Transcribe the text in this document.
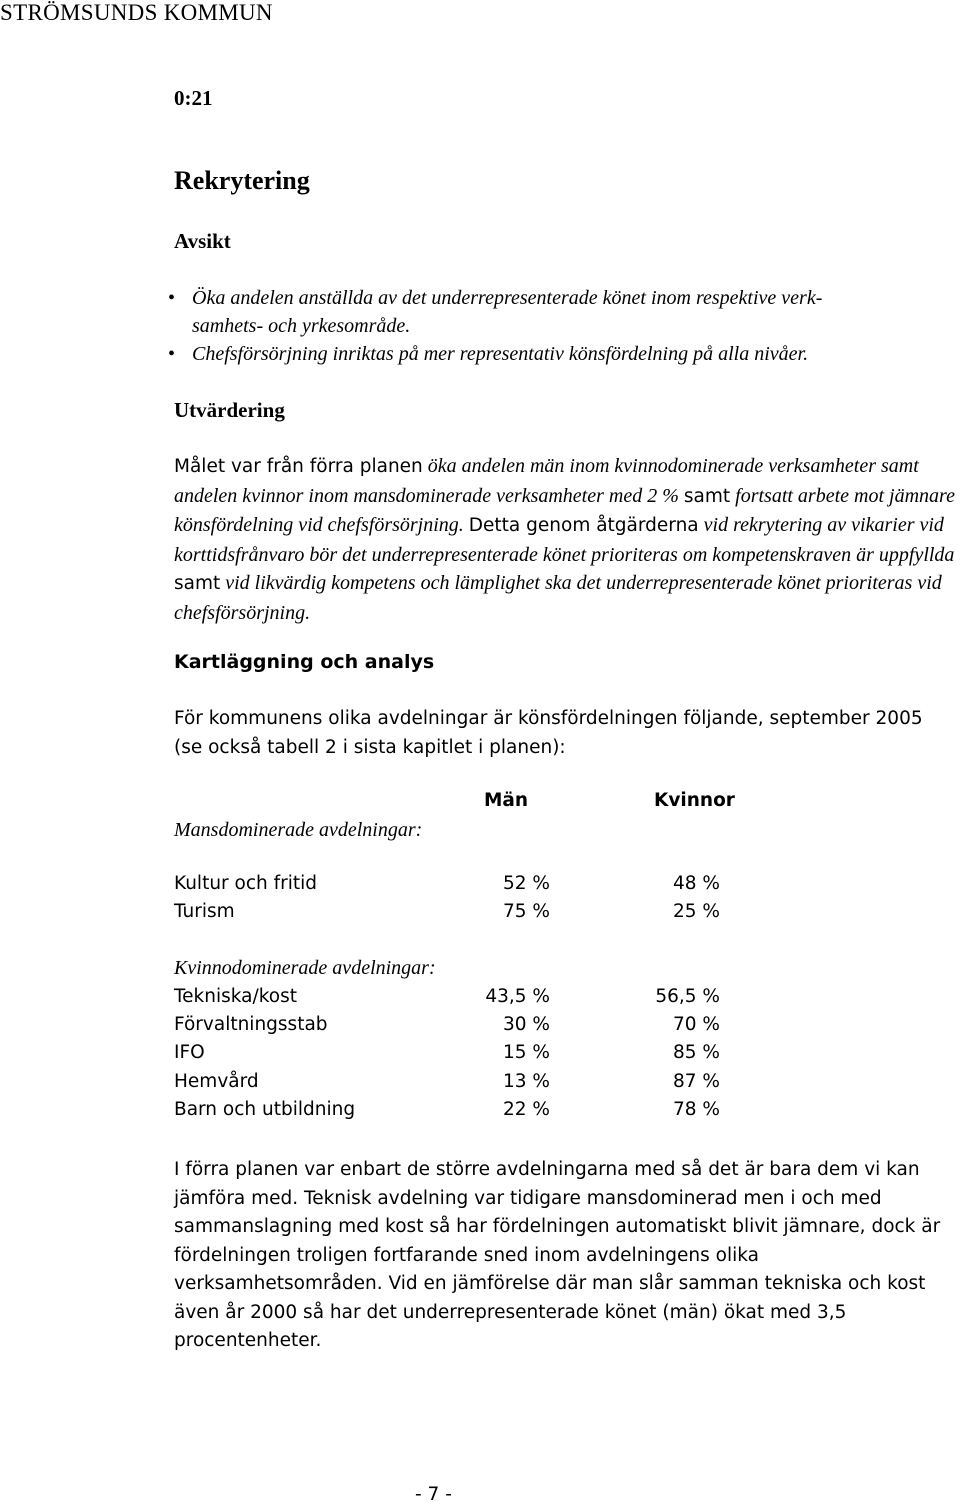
STRÖMSUNDS KOMMUN
0:21
Rekrytering
Avsikt
• Öka andelen anställda av det underrepresenterade könet inom respektive verk-
samhets- och yrkesområde.
• Chefsförsörjning inriktas på mer representativ könsfördelning på alla nivåer.
Utvärdering
Målet var från förra planen öka andelen män inom kvinnodominerade verksamheter samt andelen kvinnor inom mansdominerade verksamheter med 2 % samt fortsatt arbete mot jämnare könsfördelning vid chefsförsörjning. Detta genom åtgärderna vid rekrytering av vikarier vid korttidsfrånvaro bör det underrepresenterade könet prioriteras om kompetenskraven är uppfyllda samt vid likvärdig kompetens och lämplighet ska det underrepresenterade könet prioriteras vid chefsförsörjning.
Kartläggning och analys
För kommunens olika avdelningar är könsfördelningen följande, september 2005 (se också tabell 2 i sista kapitlet i planen):
Män	Kvinnor
Mansdominerade avdelningar:
Kultur och fritid	52 %	48 %
Turism	75 %	25 %
Kvinnodominerade avdelningar:
Tekniska/kost	43,5 %	56,5 %
Förvaltningsstab	30 %	70 %
IFO	15 %	85 %
Hemvård	13 %	87 %
Barn och utbildning	22 %	78 %
I förra planen var enbart de större avdelningarna med så det är bara dem vi kan jämföra med. Teknisk avdelning var tidigare mansdominerad men i och med sammanslagning med kost så har fördelningen automatiskt blivit jämnare, dock är fördelningen troligen fortfarande sned inom avdelningens olika verksamhetsområden. Vid en jämförelse där man slår samman tekniska och kost även år 2000 så har det underrepresenterade könet (män) ökat med 3,5 procentenheter.
- 7 -
